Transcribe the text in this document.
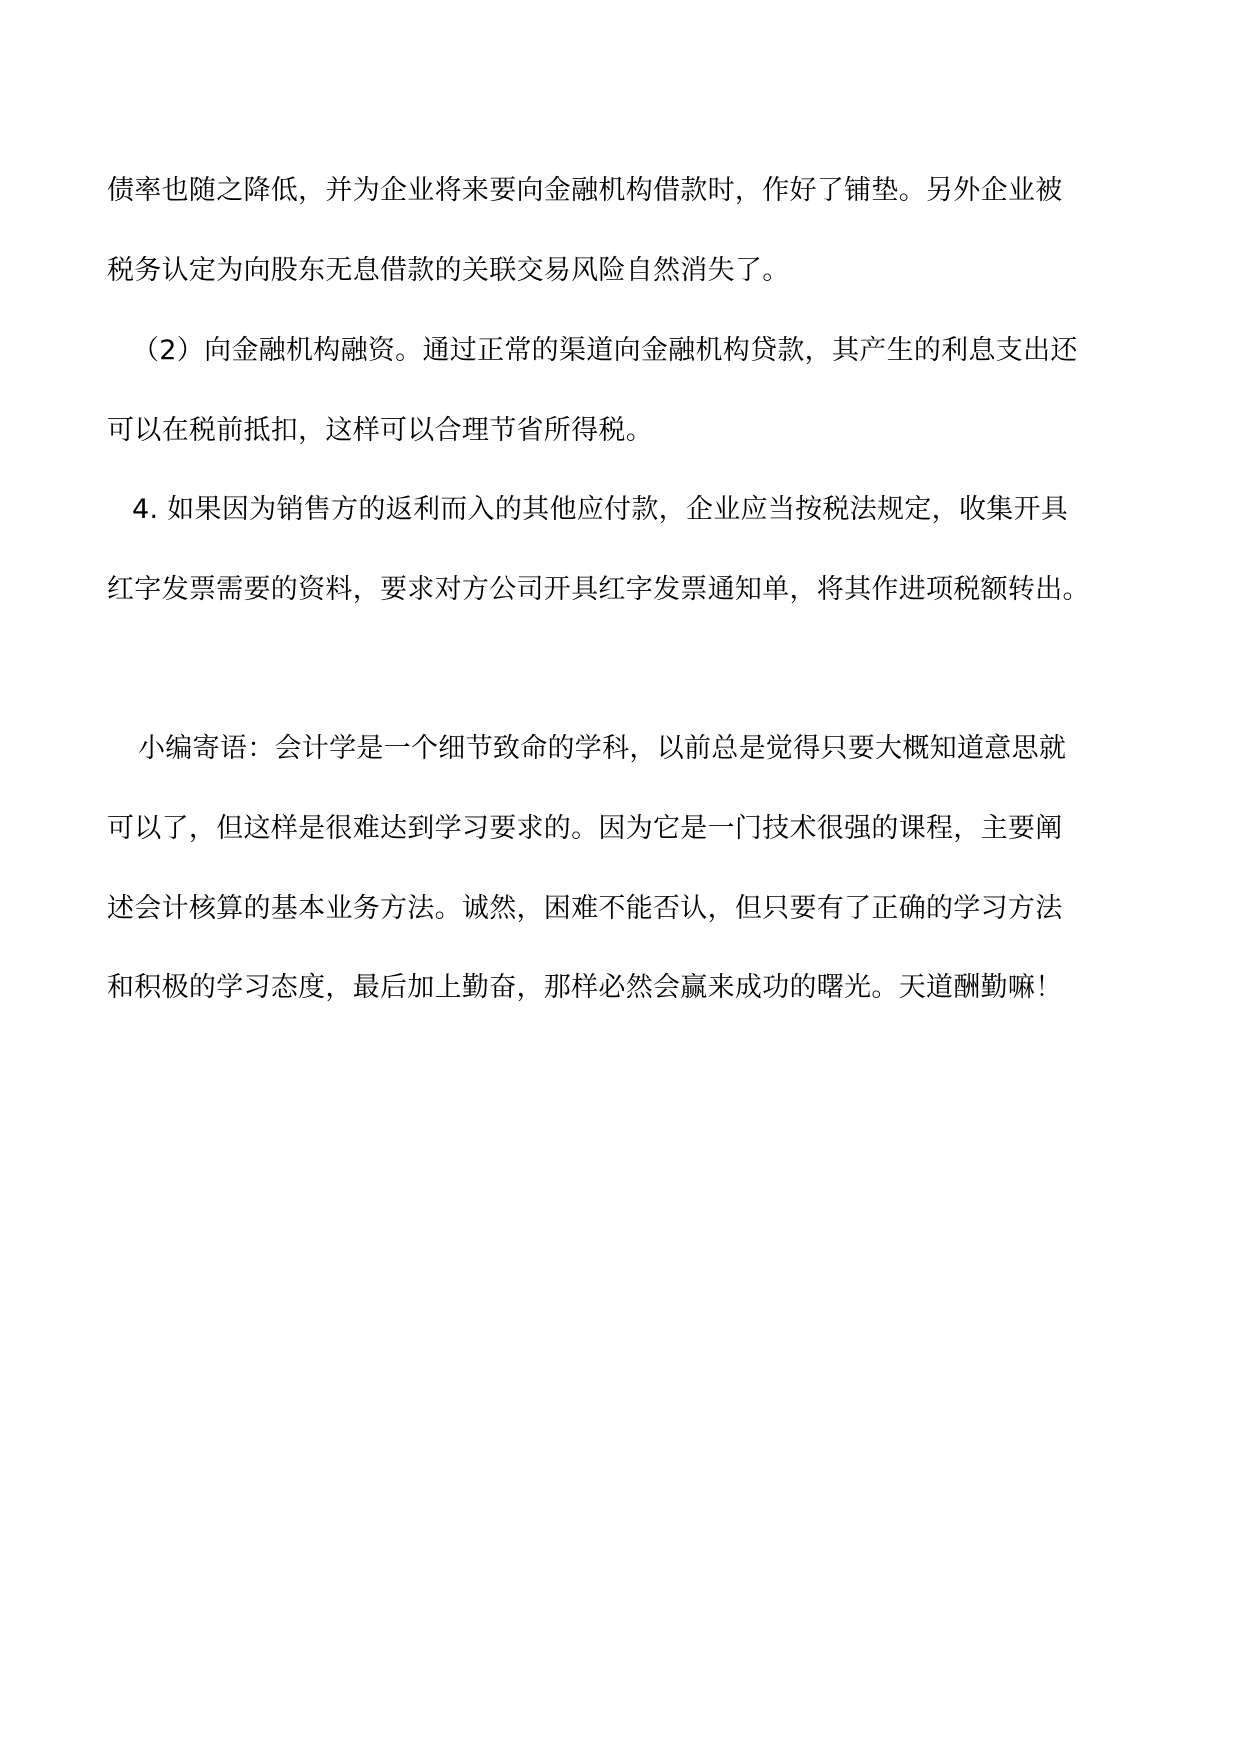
债率也随之降低，并为企业将来要向金融机构借款时，作好了铺垫。另外企业被
税务认定为向股东无息借款的关联交易风险自然消失了。
（2）向金融机构融资。通过正常的渠道向金融机构贷款，其产生的利息支出还
可以在税前抵扣，这样可以合理节省所得税。
4. 如果因为销售方的返利而入的其他应付款，企业应当按税法规定，收集开具
红字发票需要的资料，要求对方公司开具红字发票通知单，将其作进项税额转出。
小编寄语：会计学是一个细节致命的学科，以前总是觉得只要大概知道意思就
可以了，但这样是很难达到学习要求的。因为它是一门技术很强的课程，主要阐
述会计核算的基本业务方法。诚然，困难不能否认，但只要有了正确的学习方法
和积极的学习态度，最后加上勤奋，那样必然会赢来成功的曙光。天道酬勤嘛！
